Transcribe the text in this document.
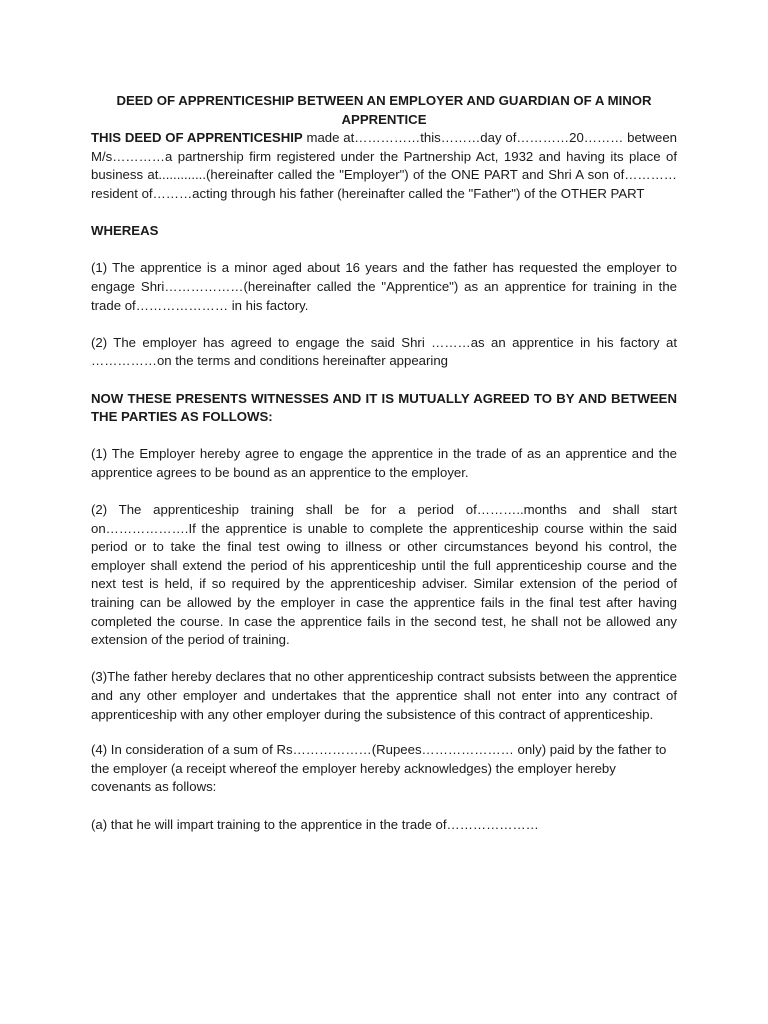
DEED OF APPRENTICESHIP BETWEEN AN EMPLOYER AND GUARDIAN OF A MINOR APPRENTICE

THIS DEED OF APPRENTICESHIP made at……………this………day of…………20……… between M/s…………a partnership firm registered under the Partnership Act, 1932 and having its place of business at.............(hereinafter called the "Employer") of the ONE PART and Shri A son of…………resident of………acting through his father (hereinafter called the "Father") of the OTHER PART

WHEREAS

(1) The apprentice is a minor aged about 16 years and the father has requested the employer to engage Shri………………(hereinafter called the "Apprentice") as an apprentice for training in the trade of………………… in his factory.

(2) The employer has agreed to engage the said Shri ………as an apprentice in his factory at ……………on the terms and conditions hereinafter appearing

NOW THESE PRESENTS WITNESSES AND IT IS MUTUALLY AGREED TO BY AND BETWEEN THE PARTIES AS FOLLOWS:

(1) The Employer hereby agree to engage the apprentice in the trade of as an apprentice and the apprentice agrees to be bound as an apprentice to the employer.

(2) The apprenticeship training shall be for a period of………..months and shall start on……………….If the apprentice is unable to complete the apprenticeship course within the said period or to take the final test owing to illness or other circumstances beyond his control, the employer shall extend the period of his apprenticeship until the full apprenticeship course and the next test is held, if so required by the apprenticeship adviser. Similar extension of the period of training can be allowed by the employer in case the apprentice fails in the final test after having completed the course. In case the apprentice fails in the second test, he shall not be allowed any extension of the period of training.

(3)The father hereby declares that no other apprenticeship contract subsists between the apprentice and any other employer and undertakes that the apprentice shall not enter into any contract of apprenticeship with any other employer during the subsistence of this contract of apprenticeship.

(4) In consideration of a sum of Rs………………(Rupees………………… only) paid by the father to the employer (a receipt whereof the employer hereby acknowledges) the employer hereby covenants as follows:

(a) that he will impart training to the apprentice in the trade of…………………
